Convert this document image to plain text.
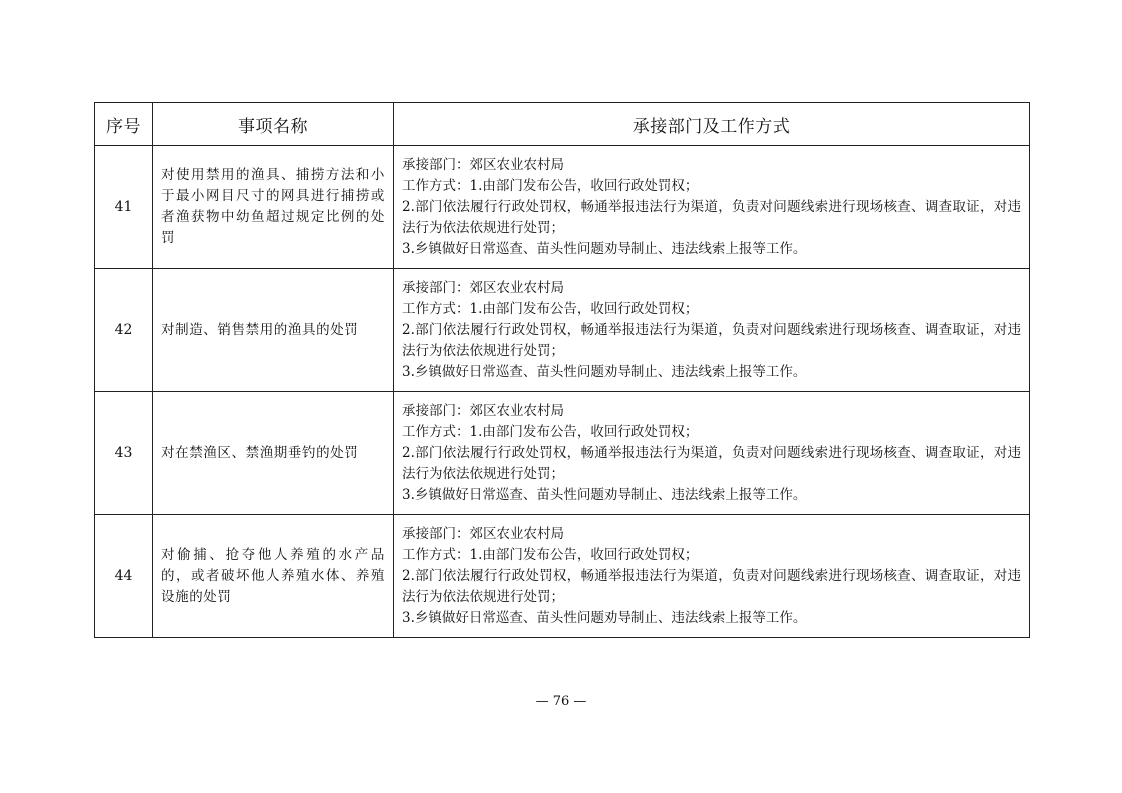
序号	事项名称	承接部门及工作方式
41	对使用禁用的渔具、捕捞方法和小于最小网目尺寸的网具进行捕捞或者渔获物中幼鱼超过规定比例的处罚	承接部门：郊区农业农村局
工作方式：1.由部门发布公告，收回行政处罚权；
2.部门依法履行行政处罚权，畅通举报违法行为渠道，负责对问题线索进行现场核查、调查取证，对违法行为依法依规进行处罚；
3.乡镇做好日常巡查、苗头性问题劝导制止、违法线索上报等工作。

42	对制造、销售禁用的渔具的处罚	承接部门：郊区农业农村局
工作方式：1.由部门发布公告，收回行政处罚权；
2.部门依法履行行政处罚权，畅通举报违法行为渠道，负责对问题线索进行现场核查、调查取证，对违法行为依法依规进行处罚；
3.乡镇做好日常巡查、苗头性问题劝导制止、违法线索上报等工作。

43	对在禁渔区、禁渔期垂钓的处罚	承接部门：郊区农业农村局
工作方式：1.由部门发布公告，收回行政处罚权；
2.部门依法履行行政处罚权，畅通举报违法行为渠道，负责对问题线索进行现场核查、调查取证，对违法行为依法依规进行处罚；
3.乡镇做好日常巡查、苗头性问题劝导制止、违法线索上报等工作。

44	对偷捕、抢夺他人养殖的水产品的，或者破坏他人养殖水体、养殖设施的处罚	承接部门：郊区农业农村局
工作方式：1.由部门发布公告，收回行政处罚权；
2.部门依法履行行政处罚权，畅通举报违法行为渠道，负责对问题线索进行现场核查、调查取证，对违法行为依法依规进行处罚；
3.乡镇做好日常巡查、苗头性问题劝导制止、违法线索上报等工作。
— 76 —
